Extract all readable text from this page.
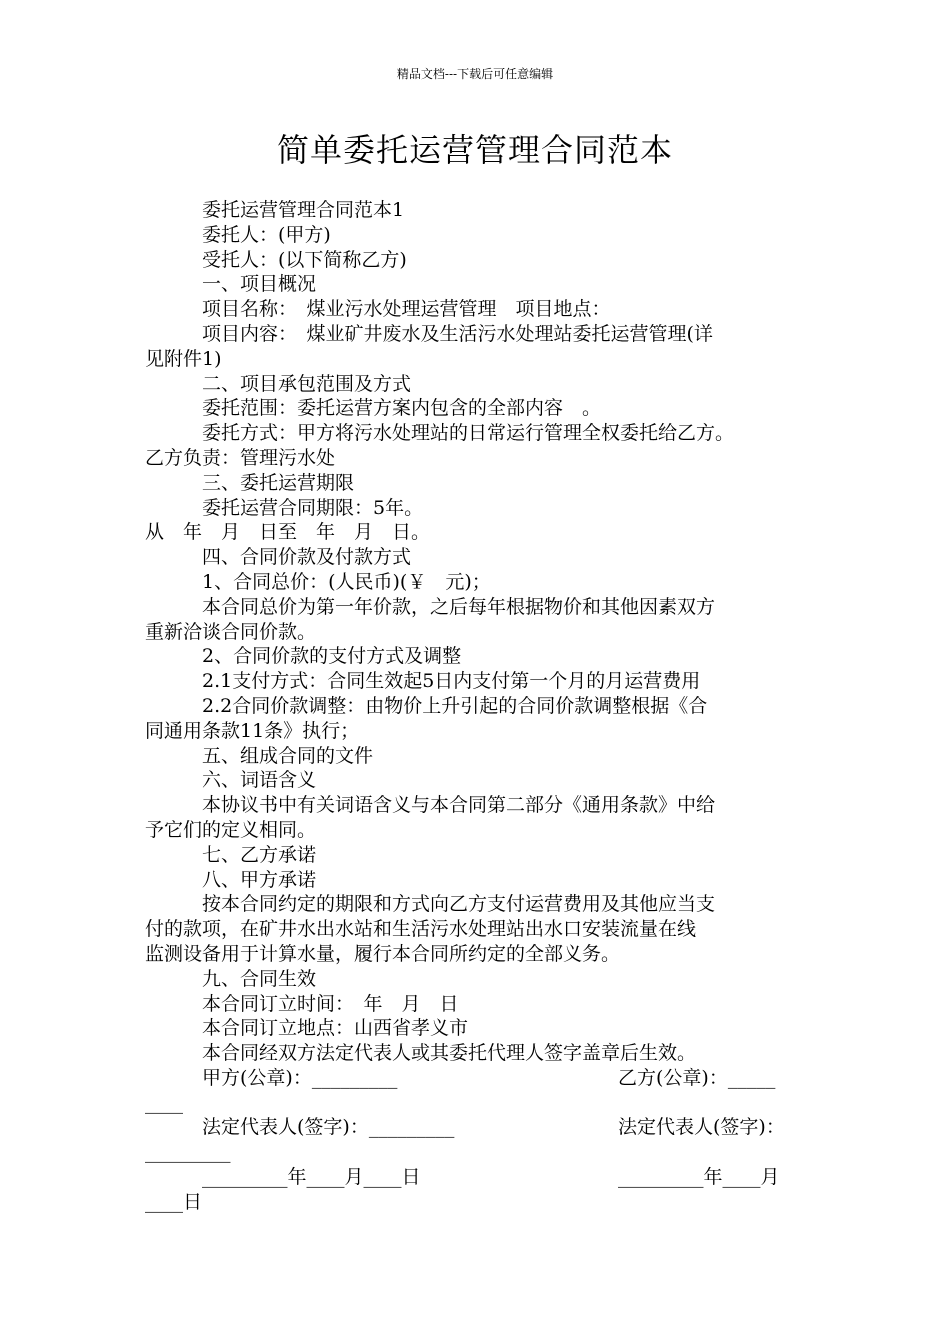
精品文档---下载后可任意编辑
简单委托运营管理合同范本

委托运营管理合同范本1

委托人：(甲方)

受托人：(以下简称乙方)

一、项目概况

项目名称：　煤业污水处理运营管理　项目地点：

项目内容：　煤业矿井废水及生活污水处理站委托运营管理(详

见附件1)

二、项目承包范围及方式

委托范围：委托运营方案内包含的全部内容　。

委托方式：甲方将污水处理站的日常运行管理全权委托给乙方。

乙方负责：管理污水处

三、委托运营期限

委托运营合同期限：5年。

从　年　月　日至　年　月　日。

四、合同价款及付款方式

1、合同总价：(人民币)(￥　元)；

本合同总价为第一年价款，之后每年根据物价和其他因素双方

重新洽谈合同价款。

2、合同价款的支付方式及调整

2.1支付方式：合同生效起5日内支付第一个月的月运营费用

2.2合同价款调整：由物价上升引起的合同价款调整根据《合

同通用条款11条》执行；

五、组成合同的文件

六、词语含义

本协议书中有关词语含义与本合同第二部分《通用条款》中给

予它们的定义相同。

七、乙方承诺

八、甲方承诺

按本合同约定的期限和方式向乙方支付运营费用及其他应当支

付的款项，在矿井水出水站和生活污水处理站出水口安装流量在线

监测设备用于计算水量，履行本合同所约定的全部义务。

九、合同生效

本合同订立时间：　年　月　日

本合同订立地点：山西省孝义市

本合同经双方法定代表人或其委托代理人签字盖章后生效。

甲方(公章)：_________	乙方(公章)：_____

____

法定代表人(签字)：_________	法定代表人(签字)：

_________

_________年____月____日	_________年____月

____日
